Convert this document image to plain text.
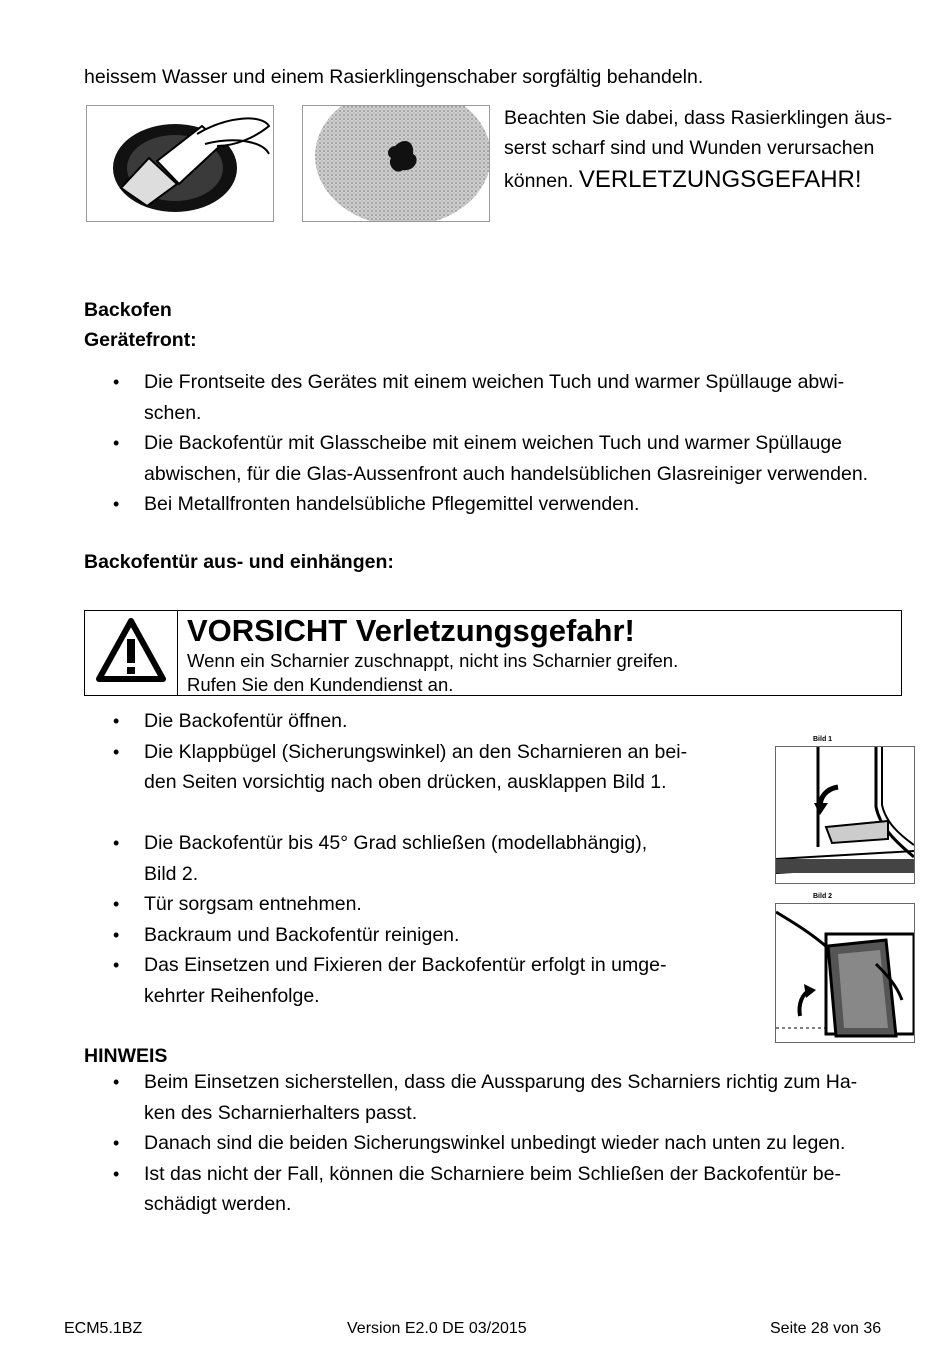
heissem Wasser und einem Rasierklingenschaber sorgfältig behandeln.
Beachten Sie dabei, dass Rasierklingen äus-
serst scharf sind und Wunden verursachen
können. VERLETZUNGSGEFAHR!
Backofen
Gerätefront:
• Die Frontseite des Gerätes mit einem weichen Tuch und warmer Spüllauge abwi-
schen.
• Die Backofentür mit Glasscheibe mit einem weichen Tuch und warmer Spüllauge
abwischen, für die Glas-Aussenfront auch handelsüblichen Glasreiniger verwenden.
• Bei Metallfronten handelsübliche Pflegemittel verwenden.
Backofentür aus- und einhängen:
VORSICHT Verletzungsgefahr!
Wenn ein Scharnier zuschnappt, nicht ins Scharnier greifen.
Rufen Sie den Kundendienst an.
• Die Backofentür öffnen.
• Die Klappbügel (Sicherungswinkel) an den Scharnieren an bei-
den Seiten vorsichtig nach oben drücken, ausklappen Bild 1.
• Die Backofentür bis 45° Grad schließen (modellabhängig),
Bild 2.
• Tür sorgsam entnehmen.
• Backraum und Backofentür reinigen.
• Das Einsetzen und Fixieren der Backofentür erfolgt in umge-
kehrter Reihenfolge.
Bild 1
Bild 2
HINWEIS
• Beim Einsetzen sicherstellen, dass die Aussparung des Scharniers richtig zum Ha-
ken des Scharnierhalters passt.
• Danach sind die beiden Sicherungswinkel unbedingt wieder nach unten zu legen.
• Ist das nicht der Fall, können die Scharniere beim Schließen der Backofentür be-
schädigt werden.
ECM5.1BZ	Version E2.0 DE 03/2015	Seite 28 von 36
